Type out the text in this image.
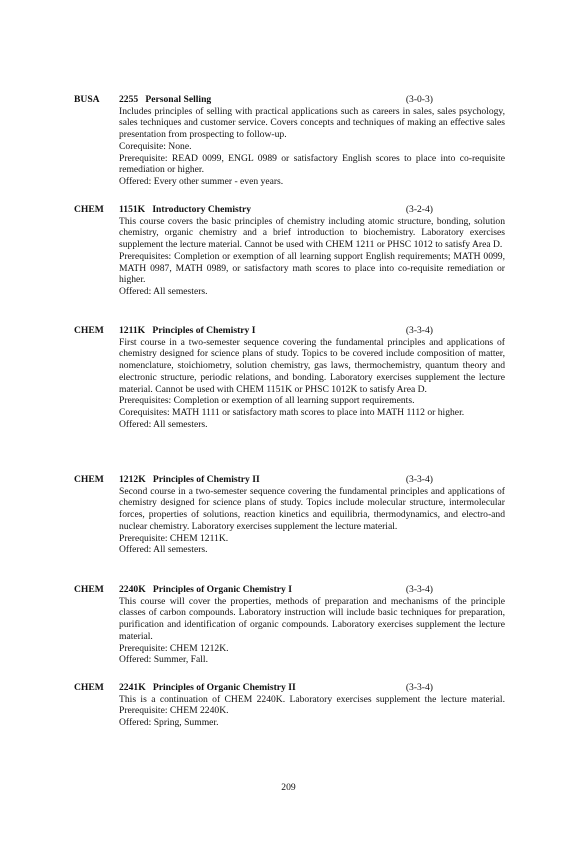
BUSA 2255 Personal Selling	(3-0-3)

Includes principles of selling with practical applications such as careers in sales, sales psychology, sales techniques and customer service. Covers concepts and techniques of making an effective sales presentation from prospecting to follow-up.

Corequisite: None.

Prerequisite: READ 0099, ENGL 0989 or satisfactory English scores to place into co-requisite remediation or higher.

Offered: Every other summer - even years.

CHEM 1151K Introductory Chemistry	(3-2-4)

This course covers the basic principles of chemistry including atomic structure, bonding, solution chemistry, organic chemistry and a brief introduction to biochemistry. Laboratory exercises supplement the lecture material. Cannot be used with CHEM 1211 or PHSC 1012 to satisfy Area D.

Prerequisites: Completion or exemption of all learning support English requirements; MATH 0099, MATH 0987, MATH 0989, or satisfactory math scores to place into co-requisite remediation or higher.

Offered: All semesters.

CHEM 1211K Principles of Chemistry I	(3-3-4)

First course in a two-semester sequence covering the fundamental principles and applications of chemistry designed for science plans of study. Topics to be covered include composition of matter, nomenclature, stoichiometry, solution chemistry, gas laws, thermochemistry, quantum theory and electronic structure, periodic relations, and bonding. Laboratory exercises supplement the lecture material. Cannot be used with CHEM 1151K or PHSC 1012K to satisfy Area D.

Prerequisites: Completion or exemption of all learning support requirements.

Corequisites: MATH 1111 or satisfactory math scores to place into MATH 1112 or higher.

Offered: All semesters.

CHEM 1212K Principles of Chemistry II	(3-3-4)

Second course in a two-semester sequence covering the fundamental principles and applications of chemistry designed for science plans of study. Topics include molecular structure, intermolecular forces, properties of solutions, reaction kinetics and equilibria, thermodynamics, and electro-and nuclear chemistry. Laboratory exercises supplement the lecture material.

Prerequisite: CHEM 1211K.

Offered: All semesters.

CHEM 2240K Principles of Organic Chemistry I	(3-3-4)

This course will cover the properties, methods of preparation and mechanisms of the principle classes of carbon compounds. Laboratory instruction will include basic techniques for preparation, purification and identification of organic compounds. Laboratory exercises supplement the lecture material.

Prerequisite: CHEM 1212K.

Offered: Summer, Fall.

CHEM 2241K Principles of Organic Chemistry II	(3-3-4)

This is a continuation of CHEM 2240K. Laboratory exercises supplement the lecture material. Prerequisite: CHEM 2240K.

Offered: Spring, Summer.

209
